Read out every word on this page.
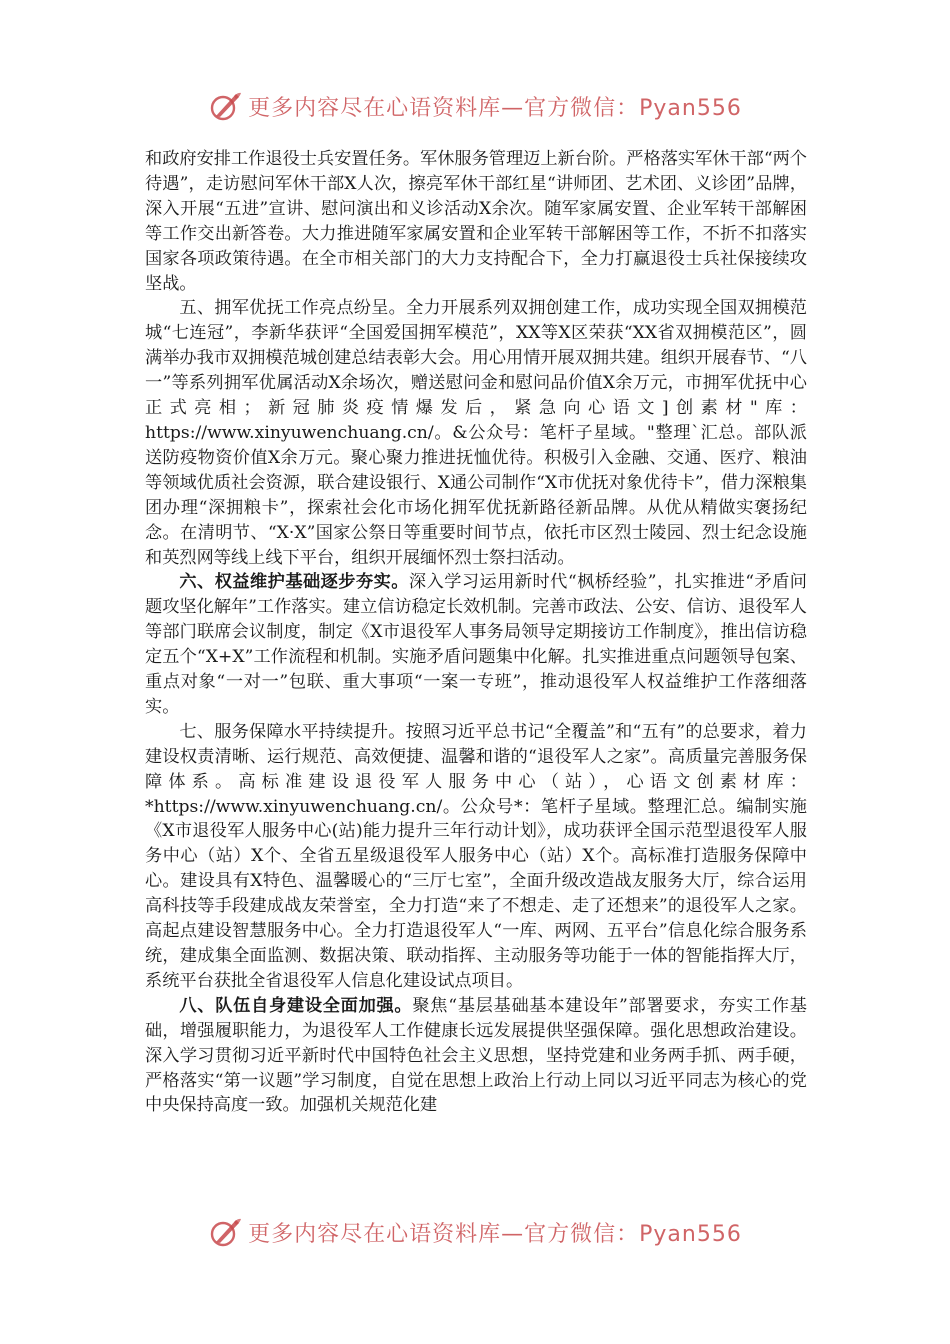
更多内容尽在心语资料库—官方微信：Pyan556

和政府安排工作退役士兵安置任务。军休服务管理迈上新台阶。严格落实军休干部“两个待遇”，走访慰问军休干部X人次，擦亮军休干部红星“讲师团、艺术团、义诊团”品牌，深入开展“五进”宣讲、慰问演出和义诊活动X余次。随军家属安置、企业军转干部解困等工作交出新答卷。大力推进随军家属安置和企业军转干部解困等工作，不折不扣落实国家各项政策待遇。在全市相关部门的大力支持配合下，全力打赢退役士兵社保接续攻坚战。

五、拥军优抚工作亮点纷呈。全力开展系列双拥创建工作，成功实现全国双拥模范城“七连冠”，李新华获评“全国爱国拥军模范”，XX等X区荣获“XX省双拥模范区”，圆满举办我市双拥模范城创建总结表彰大会。用心用情开展双拥共建。组织开展春节、“八一”等系列拥军优属活动X余场次，赠送慰问金和慰问品价值X余万元，市拥军优抚中心正式亮相；新冠肺炎疫情爆发后，紧急向心语文]创素材"库：https://www.xinyuwenchuang.cn/。&公众号：笔杆子星域。"整理`汇总。部队派送防疫物资价值X余万元。聚心聚力推进抚恤优待。积极引入金融、交通、医疗、粮油等领域优质社会资源，联合建设银行、X通公司制作“X市优抚对象优待卡”，借力深粮集团办理“深拥粮卡”，探索社会化市场化拥军优抚新路径新品牌。从优从精做实褒扬纪念。在清明节、“X·X”国家公祭日等重要时间节点，依托市区烈士陵园、烈士纪念设施和英烈网等线上线下平台，组织开展缅怀烈士祭扫活动。

六、权益维护基础逐步夯实。深入学习运用新时代“枫桥经验”，扎实推进“矛盾问题攻坚化解年”工作落实。建立信访稳定长效机制。完善市政法、公安、信访、退役军人等部门联席会议制度，制定《X市退役军人事务局领导定期接访工作制度》，推出信访稳定五个“X+X”工作流程和机制。实施矛盾问题集中化解。扎实推进重点问题领导包案、重点对象“一对一”包联、重大事项“一案一专班”，推动退役军人权益维护工作落细落实。

七、服务保障水平持续提升。按照习近平总书记“全覆盖”和“五有”的总要求，着力建设权责清晰、运行规范、高效便捷、温馨和谐的“退役军人之家”。高质量完善服务保障体系。高标准建设退役军人服务中心（站），心语文创素材库：*https://www.xinyuwenchuang.cn/。公众号*：笔杆子星域。整理汇总。编制实施《X市退役军人服务中心(站)能力提升三年行动计划》，成功获评全国示范型退役军人服务中心（站）X个、全省五星级退役军人服务中心（站）X个。高标准打造服务保障中心。建设具有X特色、温馨暖心的“三厅七室”，全面升级改造战友服务大厅，综合运用高科技等手段建成战友荣誉室，全力打造“来了不想走、走了还想来”的退役军人之家。高起点建设智慧服务中心。全力打造退役军人“一库、两网、五平台”信息化综合服务系统，建成集全面监测、数据决策、联动指挥、主动服务等功能于一体的智能指挥大厅，系统平台获批全省退役军人信息化建设试点项目。

八、队伍自身建设全面加强。聚焦“基层基础基本建设年”部署要求，夯实工作基础，增强履职能力，为退役军人工作健康长远发展提供坚强保障。强化思想政治建设。深入学习贯彻习近平新时代中国特色社会主义思想，坚持党建和业务两手抓、两手硬，严格落实“第一议题”学习制度，自觉在思想上政治上行动上同以习近平同志为核心的党中央保持高度一致。加强机关规范化建

更多内容尽在心语资料库—官方微信：Pyan556
